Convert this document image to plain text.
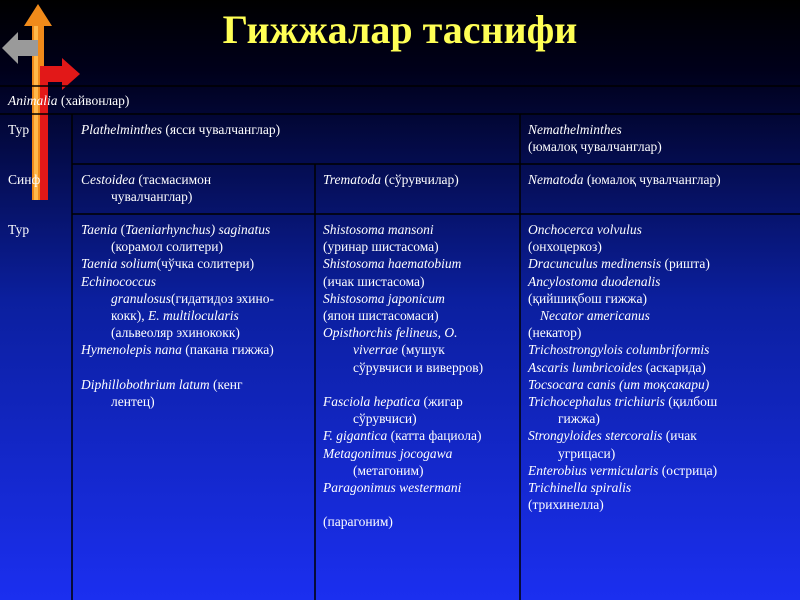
Гижжалар таснифи
Animalia (хайвонлар)
Тур
Синф
Тур
Plathelminthes (ясси чувалчанглар)	Nemathelminthes
(юмалоқ чувалчанглар)
Cestoidea (тасмасимон
чувалчанглар)
Trematoda (сўрувчилар)	Nematoda (юмалоқ чувалчанглар)
Taenia (Taeniarhynchus) saginatus
(корамол солитери)
Taenia solium(чўчка солитери)
Echinococcus
granulosus(гидатидоз эхино-
кокк), E. multilocularis
(альвеоляр эхинококк)
Hymenolepis nana (пакана гижжа)

Diphillobothrium latum (кенг
лентец)
Shistosoma mansoni
(уринар шистасома)
Shistosoma haematobium
(ичак шистасома)
Shistosoma japonicum
(япон шистасомаси)
Opisthorchis felineus, O.
viverrae (мушук
сўрувчиси и виверров)

Fasciola hepatica (жигар
сўрувчиси)
F. gigantica (катта фациола)
Metagonimus jocogawa
(метагоним)
Paragonimus westermani

(парагоним)
Onchocerca volvulus
(онхоцеркоз)
Dracunculus medinensis (ришта)
Ancylostoma duodenalis
(қийшиқбош гижжа)
Necator americanus
(некатор)
Trichostrongylois columbriformis
Ascaris lumbricoides (аскарида)
Tocsocara canis (ит тоқсакари)
Trichocephalus trichiuris (қилбош
гижжа)
Strongyloides stercoralis (ичак
угрицаси)
Enterobius vermicularis (острица)
Trichinella spiralis
(трихинелла)
